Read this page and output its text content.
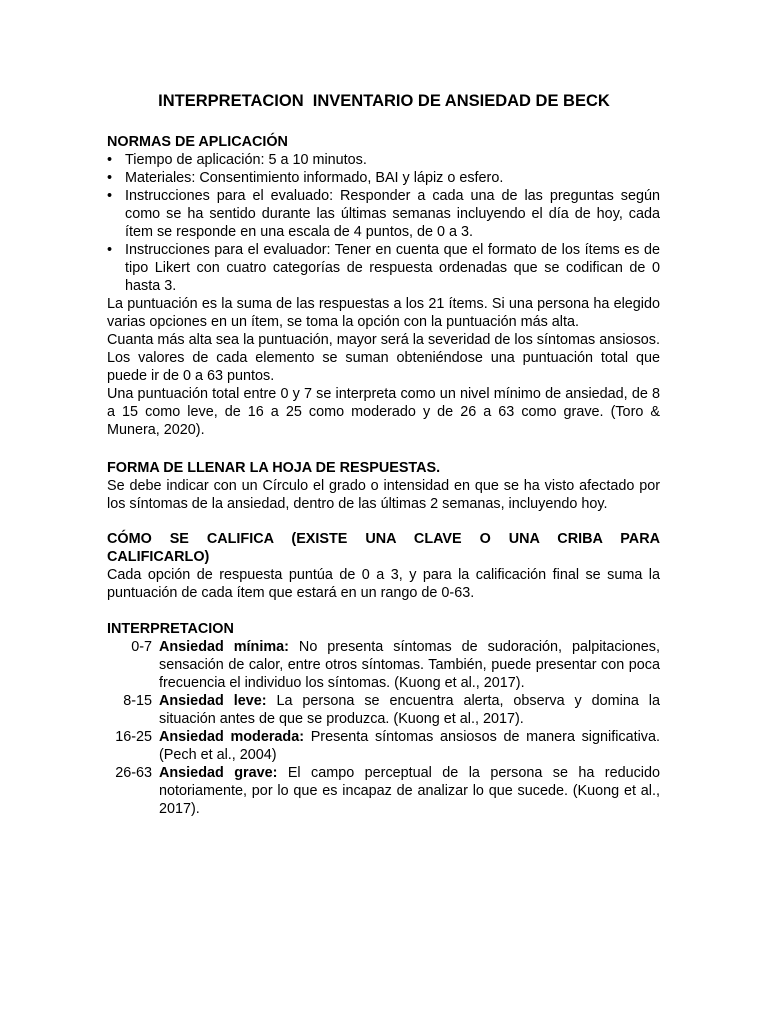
INTERPRETACION  INVENTARIO DE ANSIEDAD DE BECK

NORMAS DE APLICACIÓN

• Tiempo de aplicación: 5 a 10 minutos.
• Materiales: Consentimiento informado, BAI y lápiz o esfero.
• Instrucciones para el evaluado: Responder a cada una de las preguntas según como se ha sentido durante las últimas semanas incluyendo el día de hoy, cada ítem se responde en una escala de 4 puntos, de 0 a 3.
• Instrucciones para el evaluador: Tener en cuenta que el formato de los ítems es de tipo Likert con cuatro categorías de respuesta ordenadas que se codifican de 0 hasta 3.

La puntuación es la suma de las respuestas a los 21 ítems. Si una persona ha elegido varias opciones en un ítem, se toma la opción con la puntuación más alta.

Cuanta más alta sea la puntuación, mayor será la severidad de los síntomas ansiosos. Los valores de cada elemento se suman obteniéndose una puntuación total que puede ir de 0 a 63 puntos.

Una puntuación total entre 0 y 7 se interpreta como un nivel mínimo de ansiedad, de 8 a 15 como leve, de 16 a 25 como moderado y de 26 a 63 como grave. (Toro & Munera, 2020).

FORMA DE LLENAR LA HOJA DE RESPUESTAS.

Se debe indicar con un Círculo el grado o intensidad en que se ha visto afectado por los síntomas de la ansiedad, dentro de las últimas 2 semanas, incluyendo hoy.

CÓMO SE CALIFICA (EXISTE UNA CLAVE O UNA CRIBA PARA

CALIFICARLO)

Cada opción de respuesta puntúa de 0 a 3, y para la calificación final se suma la puntuación de cada ítem que estará en un rango de 0-63.

INTERPRETACION

0-7 Ansiedad mínima: No presenta síntomas de sudoración, palpitaciones, sensación de calor, entre otros síntomas. También, puede presentar con poca frecuencia el individuo los síntomas. (Kuong et al., 2017).
8-15 Ansiedad leve: La persona se encuentra alerta, observa y domina la situación antes de que se produzca. (Kuong et al., 2017).
16-25 Ansiedad moderada: Presenta síntomas ansiosos de manera significativa. (Pech et al., 2004)
26-63 Ansiedad grave: El campo perceptual de la persona se ha reducido notoriamente, por lo que es incapaz de analizar lo que sucede. (Kuong et al., 2017).
